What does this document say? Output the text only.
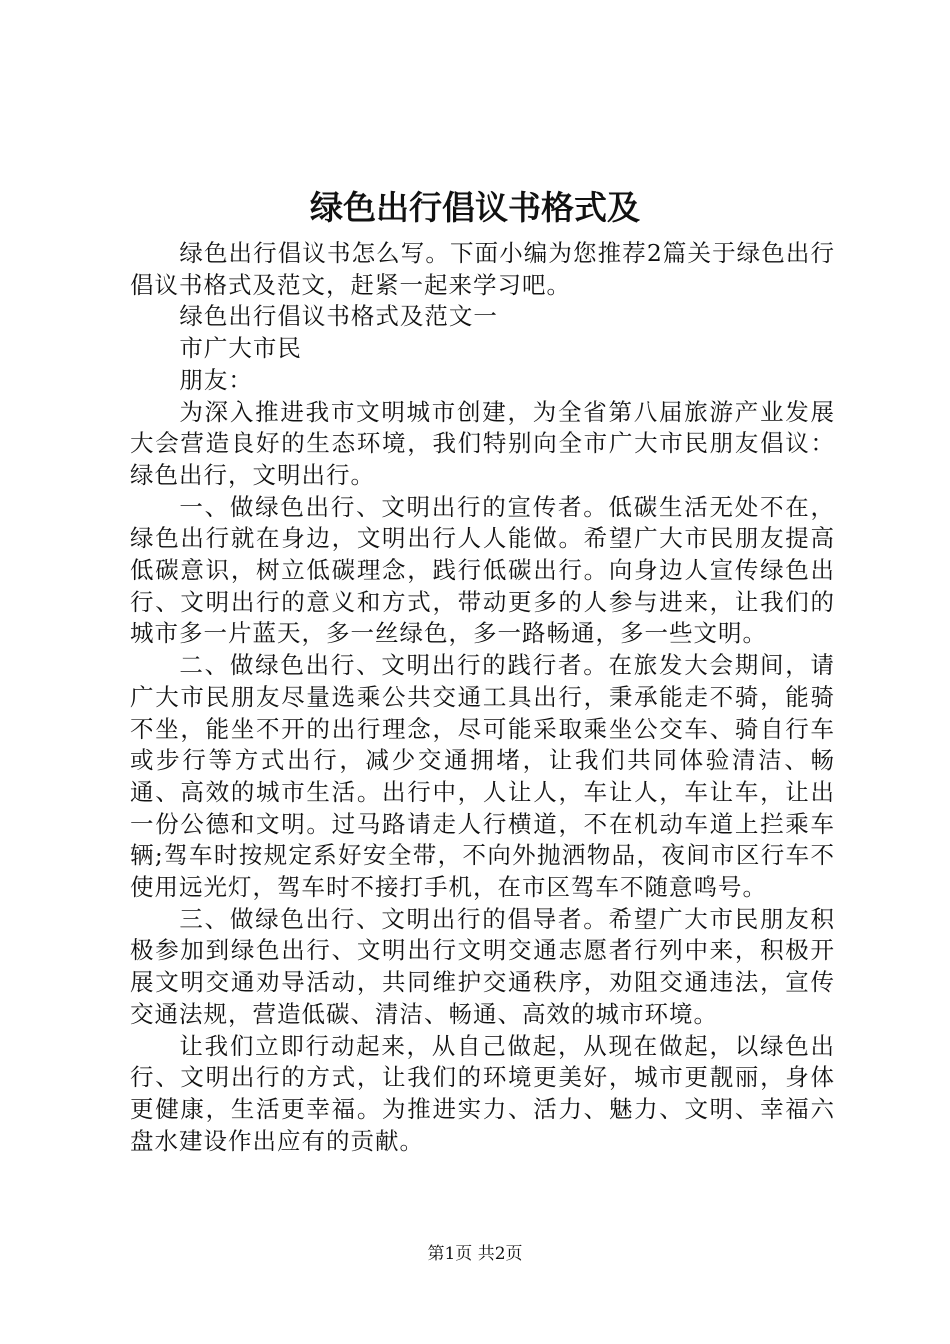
绿色出行倡议书格式及

绿色出行倡议书怎么写。下面小编为您推荐2篇关于绿色出行倡议书格式及范文，赶紧一起来学习吧。

绿色出行倡议书格式及范文一

市广大市民

朋友：

为深入推进我市文明城市创建，为全省第八届旅游产业发展大会营造良好的生态环境，我们特别向全市广大市民朋友倡议：绿色出行，文明出行。

一、做绿色出行、文明出行的宣传者。低碳生活无处不在，绿色出行就在身边，文明出行人人能做。希望广大市民朋友提高低碳意识，树立低碳理念，践行低碳出行。向身边人宣传绿色出行、文明出行的意义和方式，带动更多的人参与进来，让我们的城市多一片蓝天，多一丝绿色，多一路畅通，多一些文明。

二、做绿色出行、文明出行的践行者。在旅发大会期间，请广大市民朋友尽量选乘公共交通工具出行，秉承能走不骑，能骑不坐，能坐不开的出行理念，尽可能采取乘坐公交车、骑自行车或步行等方式出行，减少交通拥堵，让我们共同体验清洁、畅通、高效的城市生活。出行中，人让人，车让人，车让车，让出一份公德和文明。过马路请走人行横道，不在机动车道上拦乘车辆;驾车时按规定系好安全带，不向外抛洒物品，夜间市区行车不使用远光灯，驾车时不接打手机，在市区驾车不随意鸣号。

三、做绿色出行、文明出行的倡导者。希望广大市民朋友积极参加到绿色出行、文明出行文明交通志愿者行列中来，积极开展文明交通劝导活动，共同维护交通秩序，劝阻交通违法，宣传交通法规，营造低碳、清洁、畅通、高效的城市环境。

让我们立即行动起来，从自己做起，从现在做起，以绿色出行、文明出行的方式，让我们的环境更美好，城市更靓丽，身体更健康，生活更幸福。为推进实力、活力、魅力、文明、幸福六盘水建设作出应有的贡献。

第1页 共2页
